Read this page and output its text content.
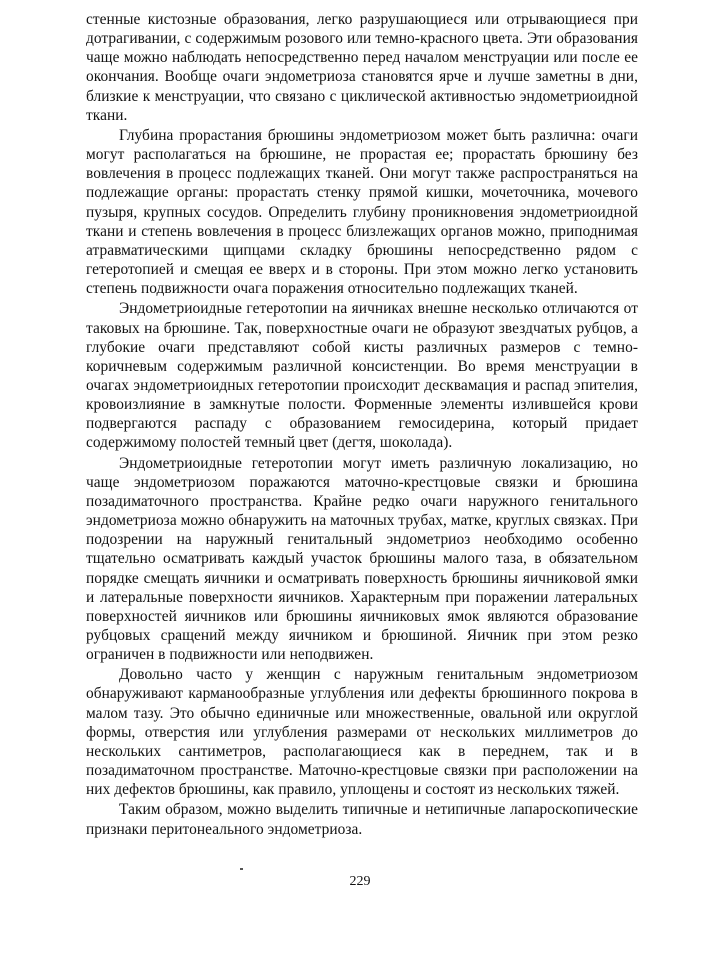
стенные кистозные образования, легко разрушающиеся или отрывающиеся при дотрагивании, с содержимым розового или темно-красного цвета. Эти образования чаще можно наблюдать непосредственно перед началом менструации или после ее окончания. Вообще очаги эндометриоза становятся ярче и лучше заметны в дни, близкие к менструации, что связано с циклической активностью эндометриоидной ткани.

Глубина прорастания брюшины эндометриозом может быть различна: очаги могут располагаться на брюшине, не прорастая ее; прорастать брюшину без вовлечения в процесс подлежащих тканей. Они могут также распространяться на подлежащие органы: прорастать стенку прямой кишки, мочеточника, мочевого пузыря, крупных сосудов. Определить глубину проникновения эндометриоидной ткани и степень вовлечения в процесс близлежащих органов можно, приподнимая атравматическими щипцами складку брюшины непосредственно рядом с гетеротопией и смещая ее вверх и в стороны. При этом можно легко установить степень подвижности очага поражения относительно подлежащих тканей.

Эндометриоидные гетеротопии на яичниках внешне несколько отличаются от таковых на брюшине. Так, поверхностные очаги не образуют звездчатых рубцов, а глубокие очаги представляют собой кисты различных размеров с темно-коричневым содержимым различной консистенции. Во время менструации в очагах эндометриоидных гетеротопии происходит десквамация и распад эпителия, кровоизлияние в замкнутые полости. Форменные элементы излившейся крови подвергаются распаду с образованием гемосидерина, который придает содержимому полостей темный цвет (дегтя, шоколада).

Эндометриоидные гетеротопии могут иметь различную локализацию, но чаще эндометриозом поражаются маточно-крестцовые связки и брюшина позадиматочного пространства. Крайне редко очаги наружного генитального эндометриоза можно обнаружить на маточных трубах, матке, круглых связках. При подозрении на наружный генитальный эндометриоз необходимо особенно тщательно осматривать каждый участок брюшины малого таза, в обязательном порядке смещать яичники и осматривать поверхность брюшины яичниковой ямки и латеральные поверхности яичников. Характерным при поражении латеральных поверхностей яичников или брюшины яичниковых ямок являются образование рубцовых сращений между яичником и брюшиной. Яичник при этом резко ограничен в подвижности или неподвижен.

Довольно часто у женщин с наружным генитальным эндометриозом обнаруживают карманообразные углубления или дефекты брюшинного покрова в малом тазу. Это обычно единичные или множественные, овальной или округлой формы, отверстия или углубления размерами от нескольких миллиметров до нескольких сантиметров, располагающиеся как в переднем, так и в позадиматочном пространстве. Маточно-крестцовые связки при расположении на них дефектов брюшины, как правило, уплощены и состоят из нескольких тяжей.

Таким образом, можно выделить типичные и нетипичные лапароскопические признаки перитонеального эндометриоза.

229
